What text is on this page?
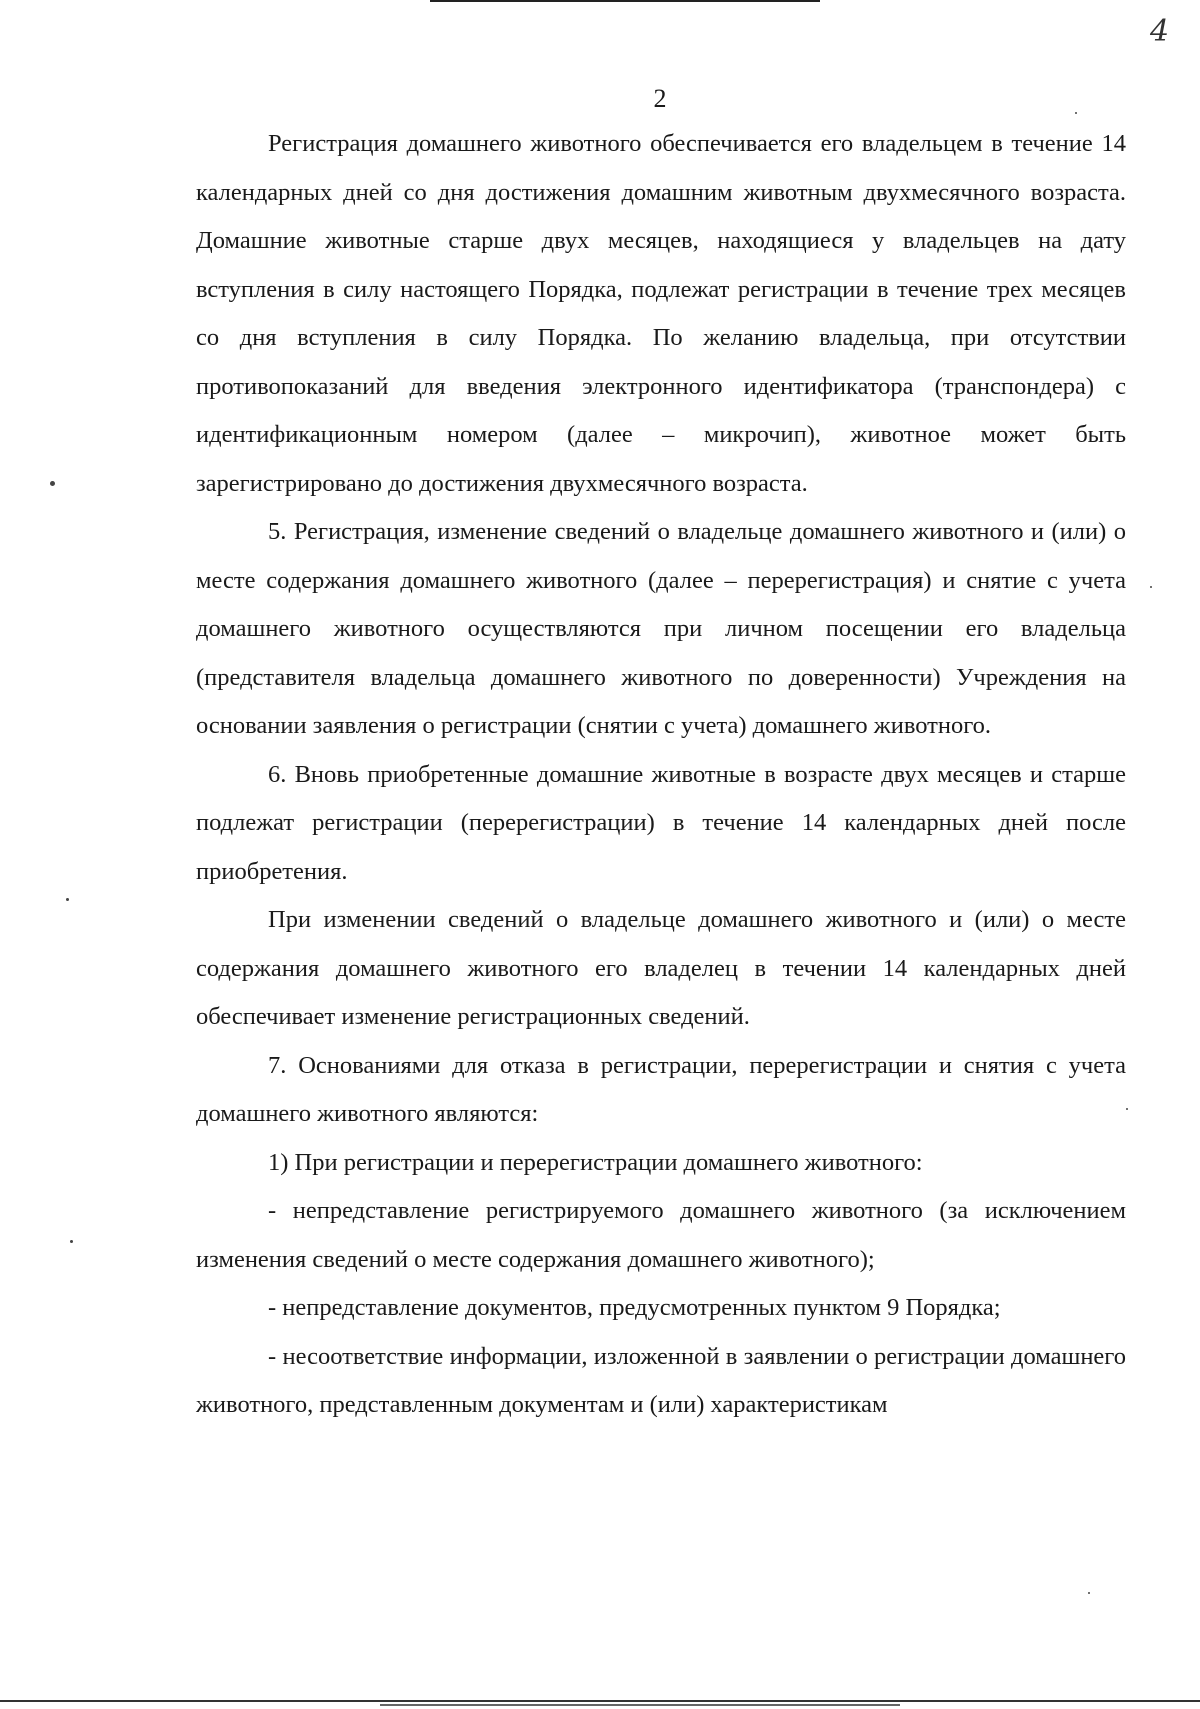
4
2

Регистрация домашнего животного обеспечивается его владельцем в течение 14 календарных дней со дня достижения домашним животным двухмесячного возраста. Домашние животные старше двух месяцев, находящиеся у владельцев на дату вступления в силу настоящего Порядка, подлежат регистрации в течение трех месяцев со дня вступления в силу Порядка. По желанию владельца, при отсутствии противопоказаний для введения электронного идентификатора (транспондера) с идентификационным номером (далее – микрочип), животное может быть зарегистрировано до достижения двухмесячного возраста.

5. Регистрация, изменение сведений о владельце домашнего животного и (или) о месте содержания домашнего животного (далее – перерегистрация) и снятие с учета домашнего животного осуществляются при личном посещении его владельца (представителя владельца домашнего животного по доверенности) Учреждения на основании заявления о регистрации (снятии с учета) домашнего животного.

6. Вновь приобретенные домашние животные в возрасте двух месяцев и старше подлежат регистрации (перерегистрации) в течение 14 календарных дней после приобретения.

При изменении сведений о владельце домашнего животного и (или) о месте содержания домашнего животного его владелец в течении 14 календарных дней обеспечивает изменение регистрационных сведений.

7. Основаниями для отказа в регистрации, перерегистрации и снятия с учета домашнего животного являются:

1) При регистрации и перерегистрации домашнего животного:

- непредставление регистрируемого домашнего животного (за исключением изменения сведений о месте содержания домашнего животного);

- непредставление документов, предусмотренных пунктом 9 Порядка;

- несоответствие информации, изложенной в заявлении о регистрации домашнего животного, представленным документам и (или) характеристикам
